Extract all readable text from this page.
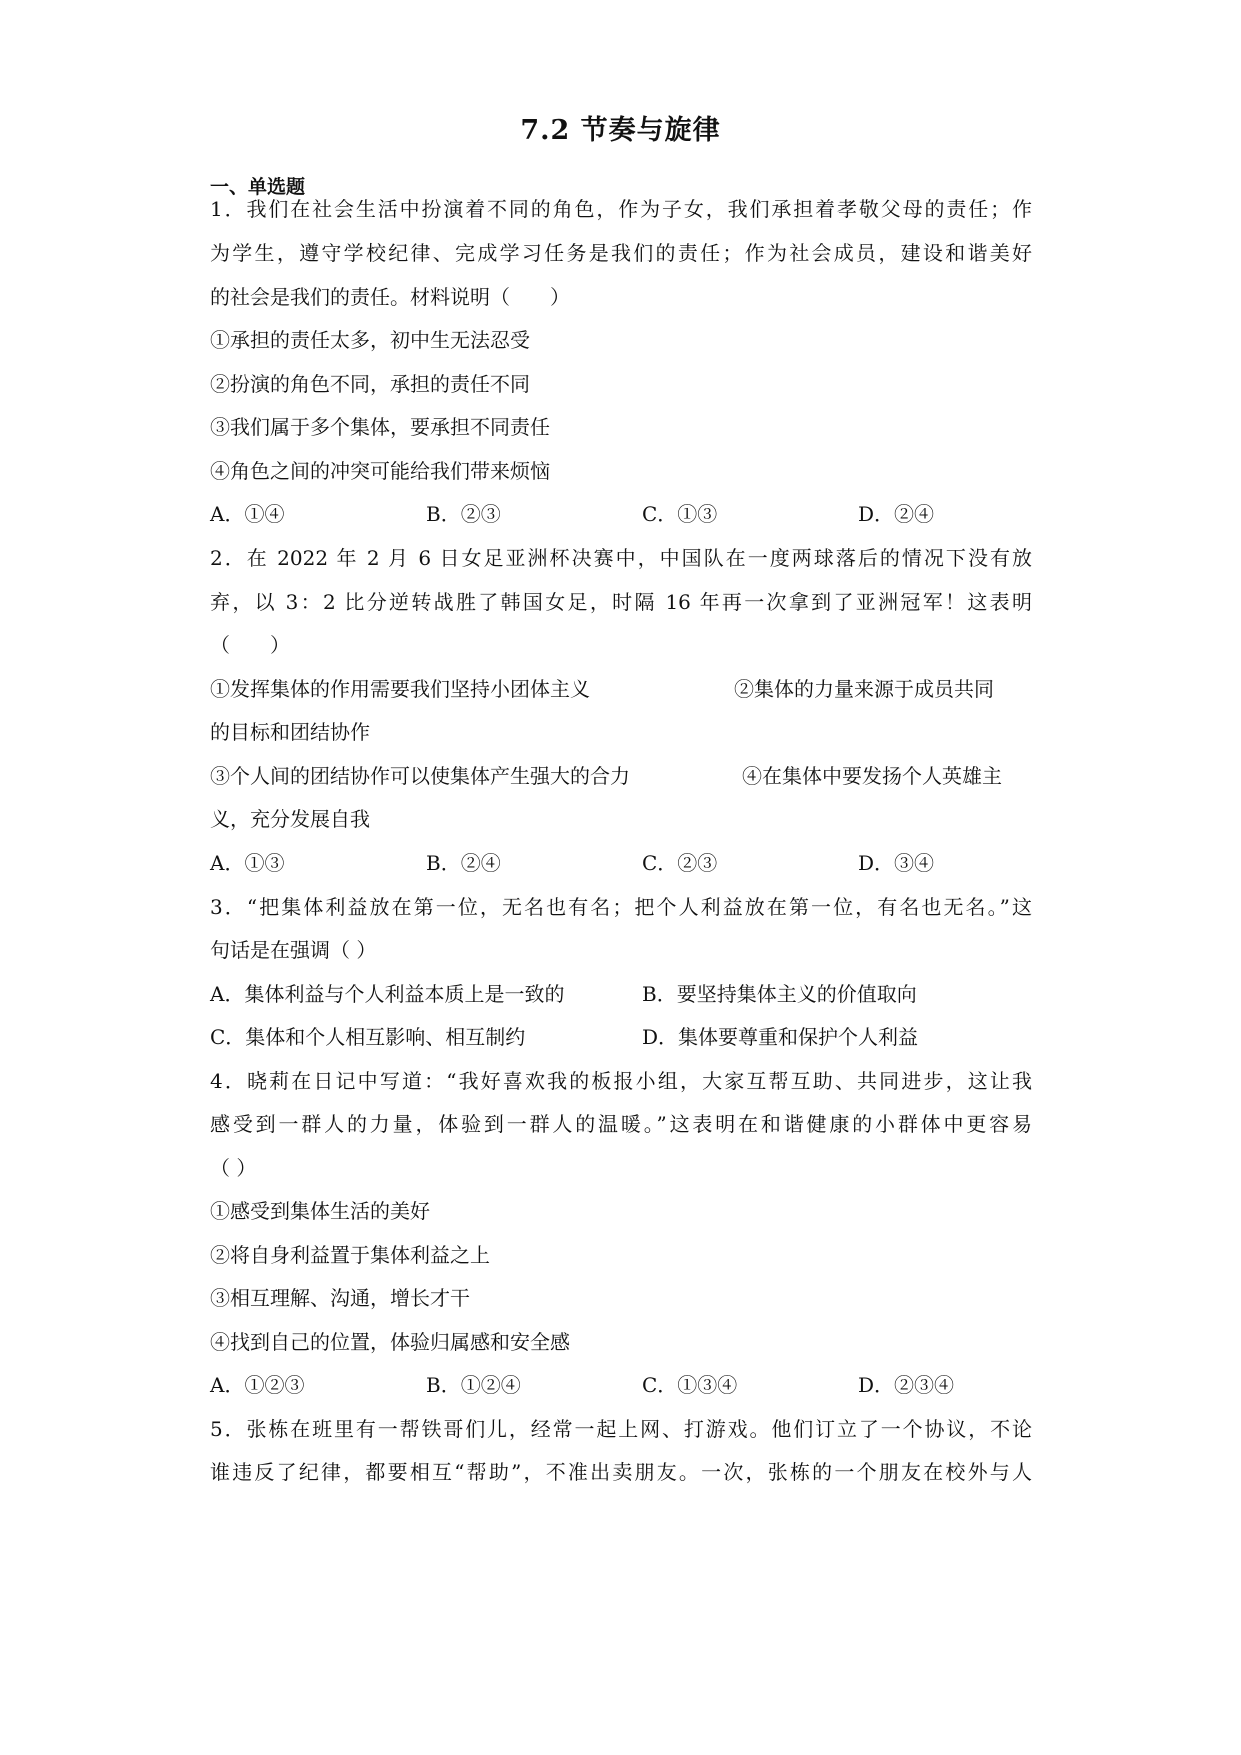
7.2 节奏与旋律
一、单选题
1．我们在社会生活中扮演着不同的角色，作为子女，我们承担着孝敬父母的责任；作
为学生，遵守学校纪律、完成学习任务是我们的责任；作为社会成员，建设和谐美好
的社会是我们的责任。材料说明（　　）
①承担的责任太多，初中生无法忍受
②扮演的角色不同，承担的责任不同
③我们属于多个集体，要承担不同责任
④角色之间的冲突可能给我们带来烦恼
A．①④	B．②③	C．①③	D．②④
2．在 2022 年 2 月 6 日女足亚洲杯决赛中，中国队在一度两球落后的情况下没有放
弃，以 3：2 比分逆转战胜了韩国女足，时隔 16 年再一次拿到了亚洲冠军！这表明
（　　）
①发挥集体的作用需要我们坚持小团体主义	②集体的力量来源于成员共同
的目标和团结协作
③个人间的团结协作可以使集体产生强大的合力	④在集体中要发扬个人英雄主
义，充分发展自我
A．①③	B．②④	C．②③	D．③④
3．“把集体利益放在第一位，无名也有名；把个人利益放在第一位，有名也无名。”这
句话是在强调（ ）
A．集体利益与个人利益本质上是一致的	B．要坚持集体主义的价值取向
C．集体和个人相互影响、相互制约	D．集体要尊重和保护个人利益
4．晓莉在日记中写道：“我好喜欢我的板报小组，大家互帮互助、共同进步，这让我
感受到一群人的力量，体验到一群人的温暖。”这表明在和谐健康的小群体中更容易
（ ）
①感受到集体生活的美好
②将自身利益置于集体利益之上
③相互理解、沟通，增长才干
④找到自己的位置，体验归属感和安全感
A．①②③	B．①②④	C．①③④	D．②③④
5．张栋在班里有一帮铁哥们儿，经常一起上网、打游戏。他们订立了一个协议，不论
谁违反了纪律，都要相互“帮助”，不准出卖朋友。一次，张栋的一个朋友在校外与人
